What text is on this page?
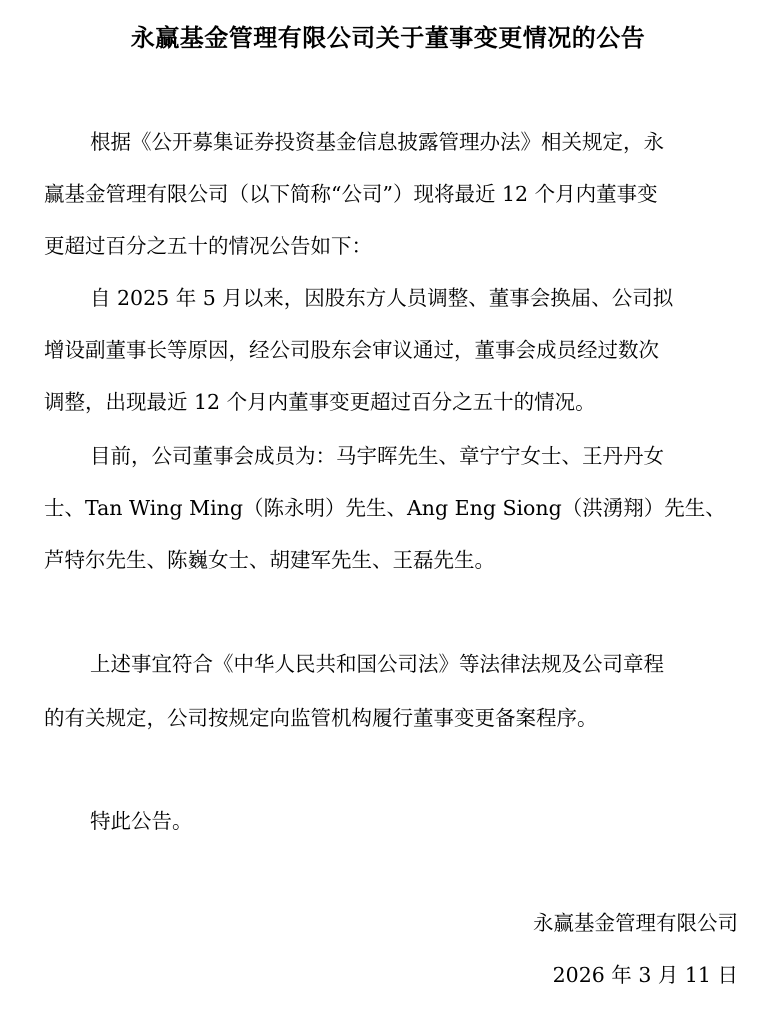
永赢基金管理有限公司关于董事变更情况的公告
根据《公开募集证券投资基金信息披露管理办法》相关规定，永
赢基金管理有限公司（以下简称“公司”）现将最近 12 个月内董事变
更超过百分之五十的情况公告如下：
自 2025 年 5 月以来，因股东方人员调整、董事会换届、公司拟
增设副董事长等原因，经公司股东会审议通过，董事会成员经过数次
调整，出现最近 12 个月内董事变更超过百分之五十的情况。
目前，公司董事会成员为：马宇晖先生、章宁宁女士、王丹丹女
士、Tan Wing Ming（陈永明）先生、Ang Eng Siong（洪湧翔）先生、
芦特尔先生、陈巍女士、胡建军先生、王磊先生。
上述事宜符合《中华人民共和国公司法》等法律法规及公司章程
的有关规定，公司按规定向监管机构履行董事变更备案程序。
特此公告。
永赢基金管理有限公司
2026 年 3 月 11 日
